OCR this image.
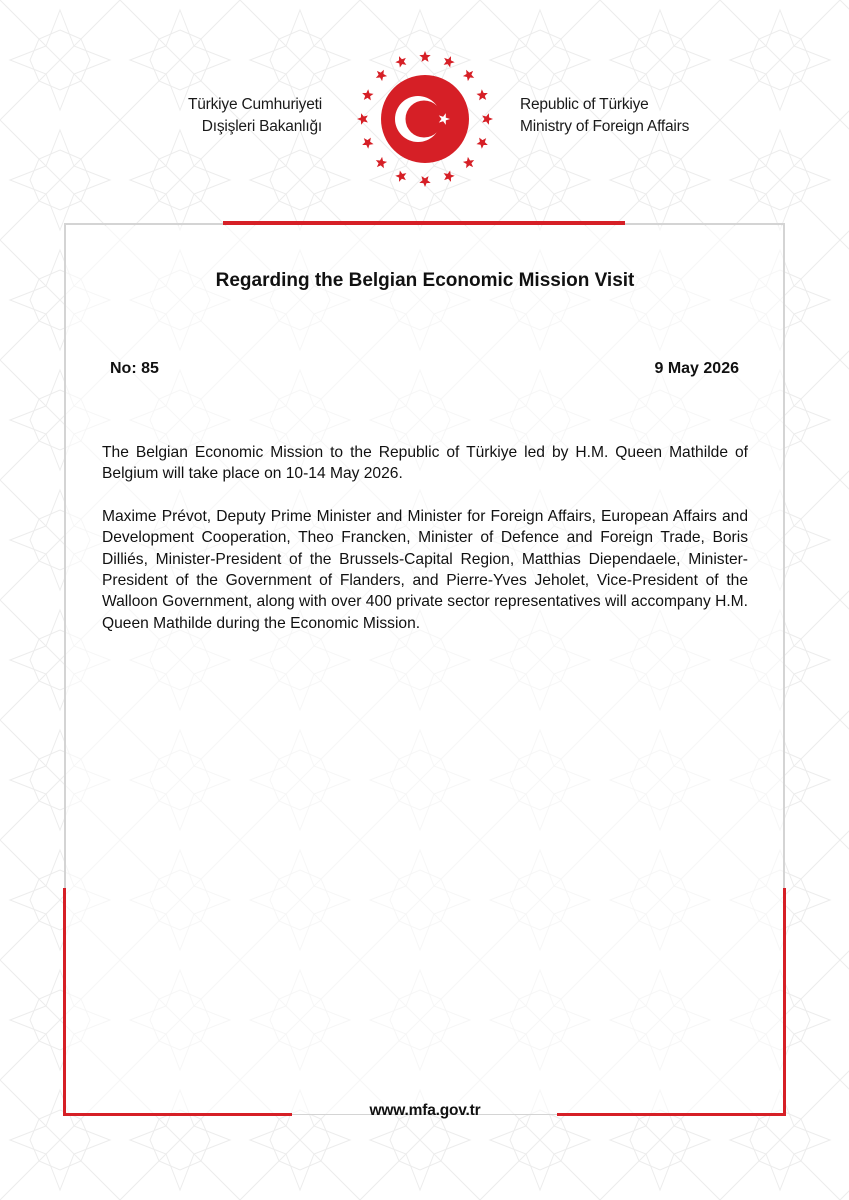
Türkiye Cumhuriyeti
Dışişleri Bakanlığı
Republic of Türkiye
Ministry of Foreign Affairs
Regarding the Belgian Economic Mission Visit
No: 85	9 May 2026

The Belgian Economic Mission to the Republic of Türkiye led by H.M. Queen Mathilde of Belgium will take place on 10-14 May 2026.

Maxime Prévot, Deputy Prime Minister and Minister for Foreign Affairs, European Affairs and Development Cooperation, Theo Francken, Minister of Defence and Foreign Trade, Boris Dilliés, Minister-President of the Brussels-Capital Region, Matthias Diependaele, Minister-President of the Government of Flanders, and Pierre-Yves Jeholet, Vice-President of the Walloon Government, along with over 400 private sector representatives will accompany H.M. Queen Mathilde during the Economic Mission.

www.mfa.gov.tr
